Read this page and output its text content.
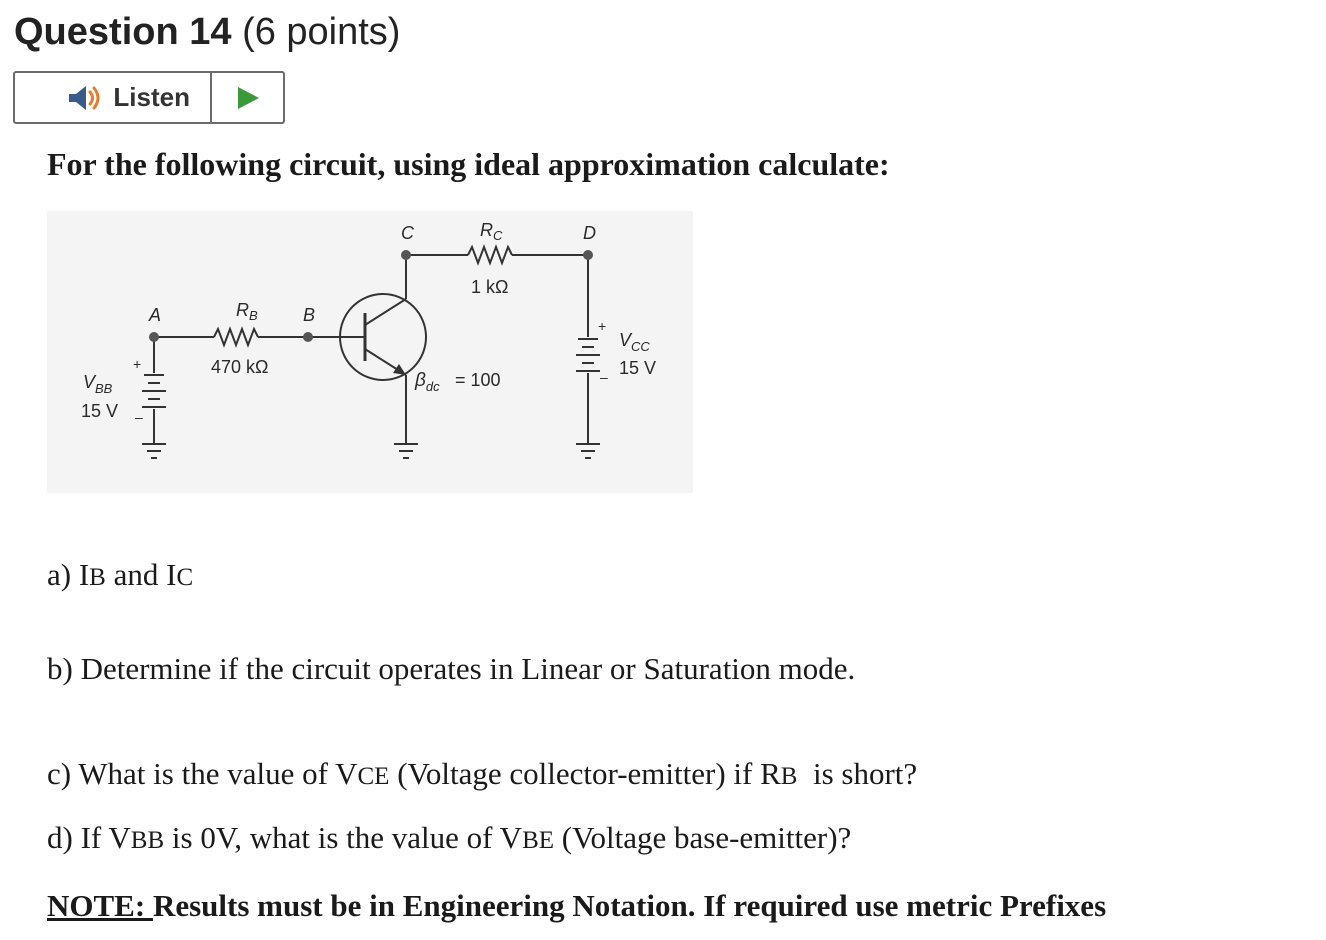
Question 14 (6 points)
Listen

For the following circuit, using ideal approximation calculate:

A	B
C	D
$R_B$
470 kΩ
$R_C$
1 kΩ
$\beta_{dc} = 100$
$V_{BB}$
15 V
$V_{CC}$
15 V
+
–
+
–

a) IB and IC

b) Determine if the circuit operates in Linear or Saturation mode.

c) What is the value of VCE (Voltage collector-emitter) if RB  is short?

d) If VBB is 0V, what is the value of VBE (Voltage base-emitter)?

NOTE: Results must be in Engineering Notation. If required use metric Prefixes
